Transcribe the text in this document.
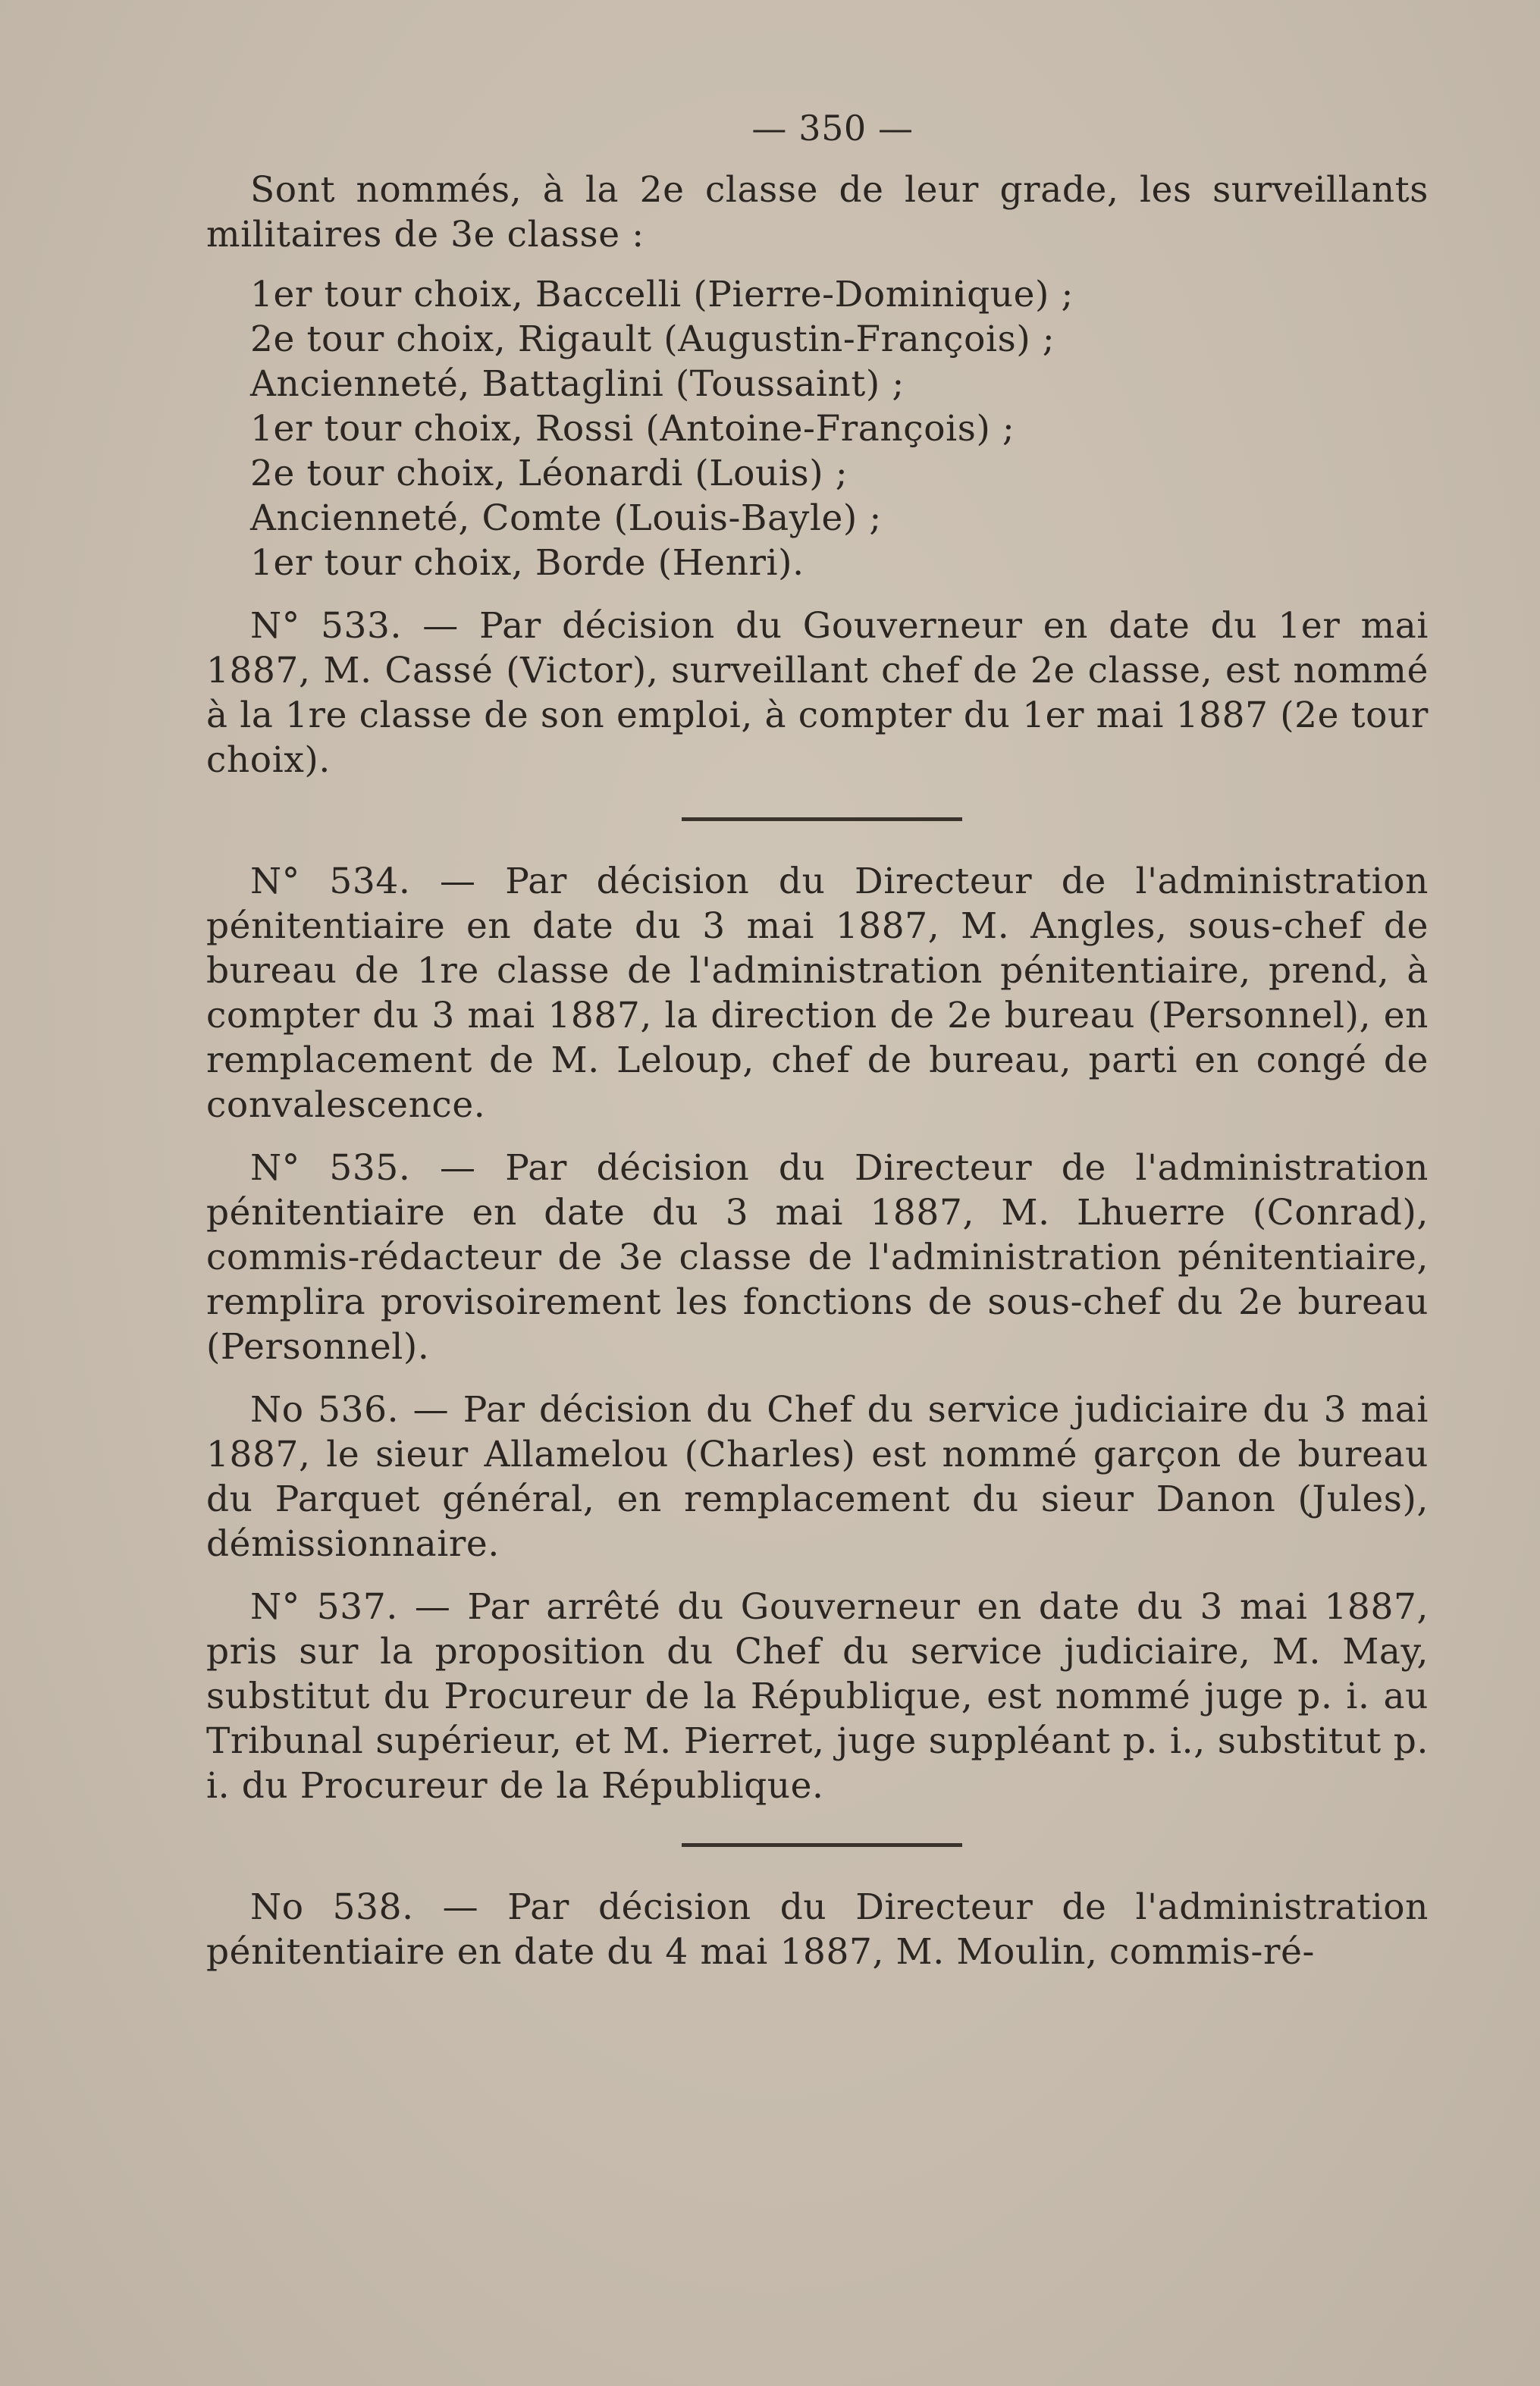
— 350 —

Sont nommés, à la 2e classe de leur grade, les surveillants militaires de 3e classe :

1er tour choix, Baccelli (Pierre-Dominique) ;

2e tour choix, Rigault (Augustin-François) ;

Ancienneté, Battaglini (Toussaint) ;

1er tour choix, Rossi (Antoine-François) ;

2e tour choix, Léonardi (Louis) ;

Ancienneté, Comte (Louis-Bayle) ;

1er tour choix, Borde (Henri).

N° 533. — Par décision du Gouverneur en date du 1er mai 1887, M. Cassé (Victor), surveillant chef de 2e classe, est nommé à la 1re classe de son emploi, à compter du 1er mai 1887 (2e tour choix).

N° 534. — Par décision du Directeur de l'administration pénitentiaire en date du 3 mai 1887, M. Angles, sous-chef de bureau de 1re classe de l'administration pénitentiaire, prend, à compter du 3 mai 1887, la direction de 2e bureau (Personnel), en remplacement de M. Leloup, chef de bureau, parti en congé de convalescence.

N° 535. — Par décision du Directeur de l'administration pénitentiaire en date du 3 mai 1887, M. Lhuerre (Conrad), commis-rédacteur de 3e classe de l'administration pénitentiaire, remplira provisoirement les fonctions de sous-chef du 2e bureau (Personnel).

No 536. — Par décision du Chef du service judiciaire du 3 mai 1887, le sieur Allamelou (Charles) est nommé garçon de bureau du Parquet général, en remplacement du sieur Danon (Jules), démissionnaire.

N° 537. — Par arrêté du Gouverneur en date du 3 mai 1887, pris sur la proposition du Chef du service judiciaire, M. May, substitut du Procureur de la République, est nommé juge p. i. au Tribunal supérieur, et M. Pierret, juge suppléant p. i., substitut p. i. du Procureur de la République.

No 538. — Par décision du Directeur de l'administration pénitentiaire en date du 4 mai 1887, M. Moulin, commis-ré-
